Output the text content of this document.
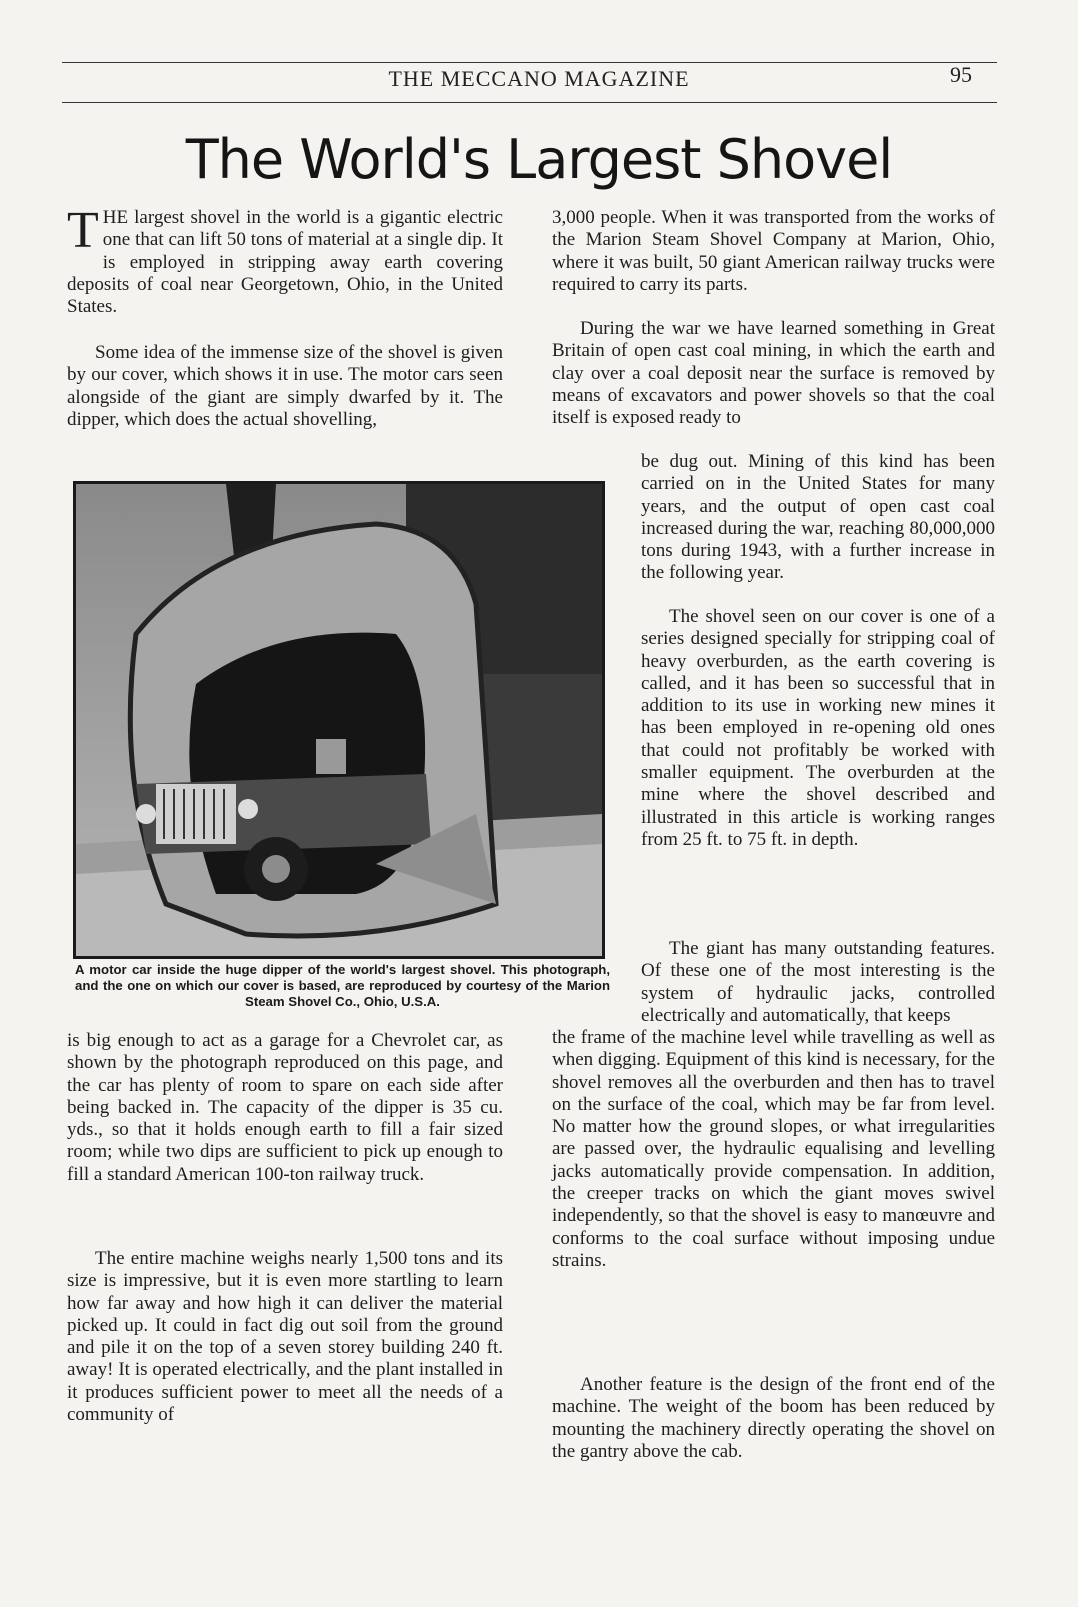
THE MECCANO MAGAZINE	95
The World's Largest Shovel

THE largest shovel in the world is a gigantic electric one that can lift 50 tons of material at a single dip. It is employed in stripping away earth covering deposits of coal near Georgetown, Ohio, in the United States.

Some idea of the immense size of the shovel is given by our cover, which shows it in use. The motor cars seen alongside of the giant are simply dwarfed by it. The dipper, which does the actual shovelling,

A motor car inside the huge dipper of the world's largest shovel. This photograph, and the one on which our cover is based, are reproduced by courtesy of the Marion Steam Shovel Co., Ohio, U.S.A.

is big enough to act as a garage for a Chevrolet car, as shown by the photograph reproduced on this page, and the car has plenty of room to spare on each side after being backed in. The capacity of the dipper is 35 cu. yds., so that it holds enough earth to fill a fair sized room; while two dips are sufficient to pick up enough to fill a standard American 100-ton railway truck.

The entire machine weighs nearly 1,500 tons and its size is impressive, but it is even more startling to learn how far away and how high it can deliver the material picked up. It could in fact dig out soil from the ground and pile it on the top of a seven storey building 240 ft. away! It is operated electrically, and the plant installed in it produces sufficient power to meet all the needs of a community of

3,000 people. When it was transported from the works of the Marion Steam Shovel Company at Marion, Ohio, where it was built, 50 giant American railway trucks were required to carry its parts.

During the war we have learned something in Great Britain of open cast coal mining, in which the earth and clay over a coal deposit near the surface is removed by means of excavators and power shovels so that the coal itself is exposed ready to

be dug out. Mining of this kind has been carried on in the United States for many years, and the output of open cast coal increased during the war, reaching 80,000,000 tons during 1943, with a further increase in the following year.

The shovel seen on our cover is one of a series designed specially for stripping coal of heavy overburden, as the earth covering is called, and it has been so successful that in addition to its use in working new mines it has been employed in re-opening old ones that could not profitably be worked with smaller equipment. The overburden at the mine where the shovel described and illustrated in this article is working ranges from 25 ft. to 75 ft. in depth.

The giant has many outstanding features. Of these one of the most interesting is the system of hydraulic jacks, controlled electrically and automatically, that keeps

the frame of the machine level while travelling as well as when digging. Equipment of this kind is necessary, for the shovel removes all the overburden and then has to travel on the surface of the coal, which may be far from level. No matter how the ground slopes, or what irregularities are passed over, the hydraulic equalising and levelling jacks automatically provide compensation. In addition, the creeper tracks on which the giant moves swivel independently, so that the shovel is easy to manœuvre and conforms to the coal surface without imposing undue strains.

Another feature is the design of the front end of the machine. The weight of the boom has been reduced by mounting the machinery directly operating the shovel on the gantry above the cab.
